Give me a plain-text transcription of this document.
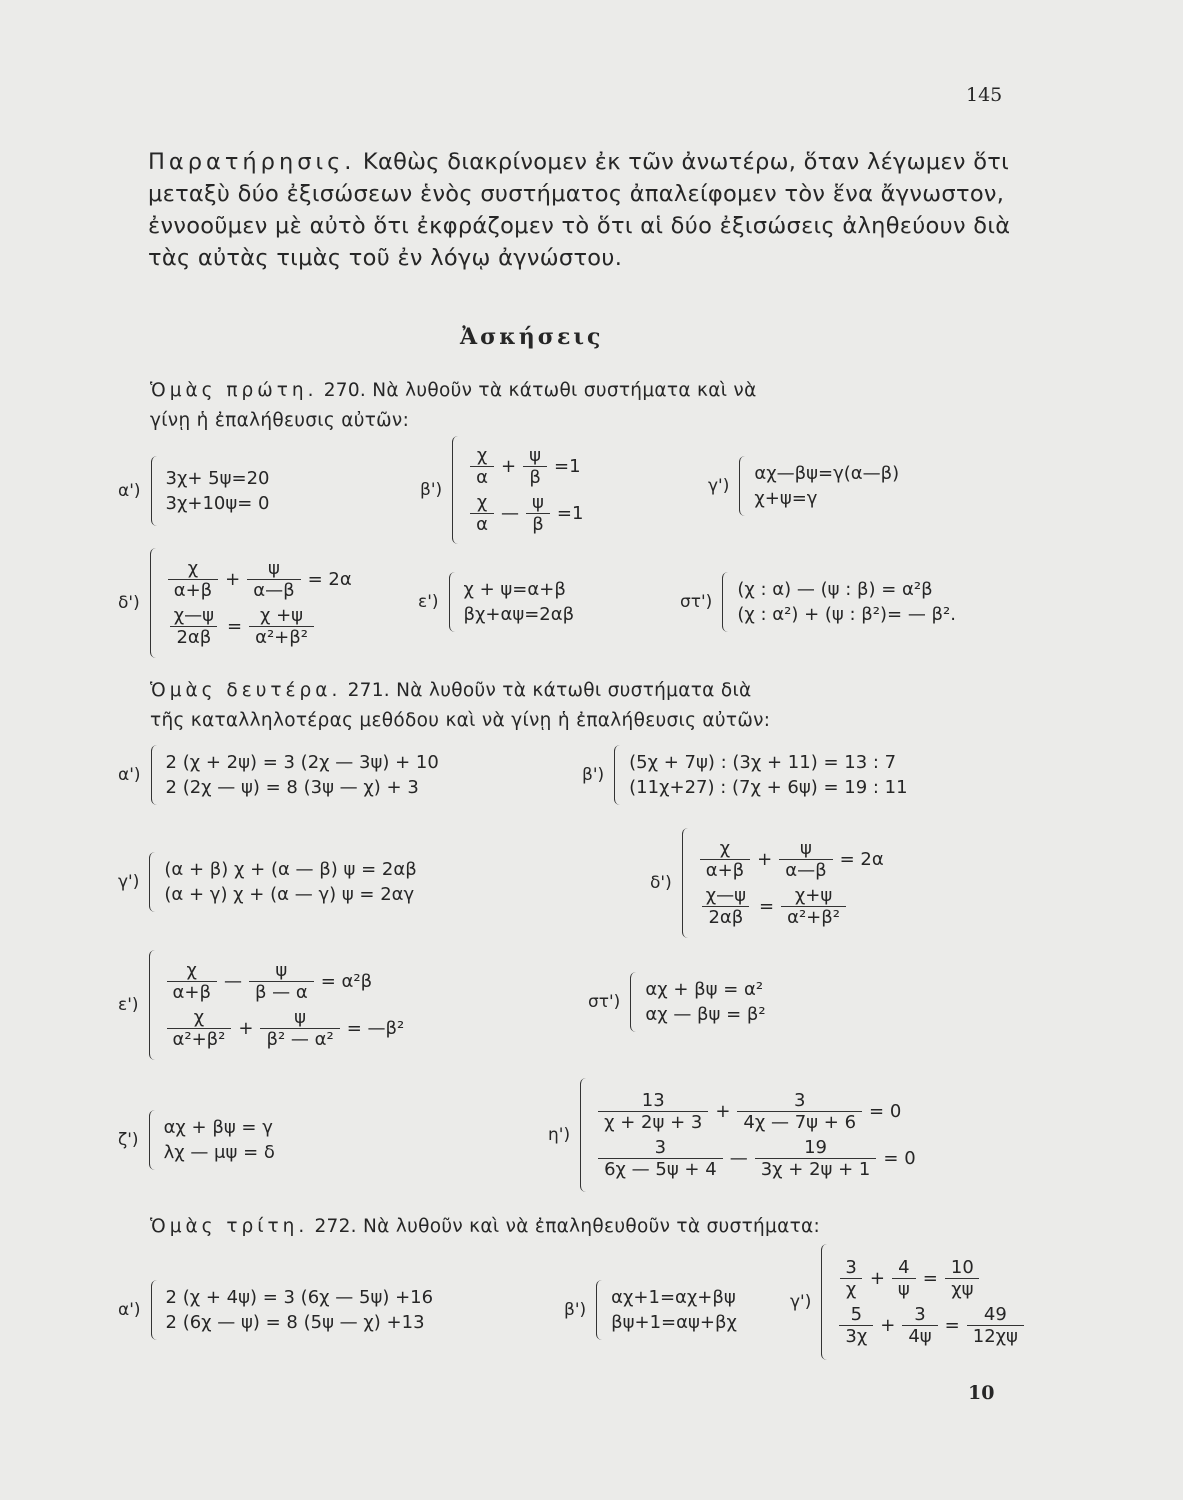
145
Παρατήρησις. Καθὼς διακρίνομεν ἐκ τῶν ἀνωτέρω, ὅταν λέγωμεν ὅτι μεταξὺ δύο ἐξισώσεων ἑνὸς συστήματος ἀπαλείφομεν τὸν ἕνα ἄγνωστον, ἐννοοῦμεν μὲ αὐτὸ ὅτι ἐκφράζομεν τὸ ὅτι αἱ δύο ἐξισώσεις ἀληθεύουν διὰ τὰς αὐτὰς τιμὰς τοῦ ἐν λόγῳ ἀγνώστου.
Ἀσκήσεις
Ὁμὰς πρώτη. 270. Νὰ λυθοῦν τὰ κάτωθι συστήματα καὶ νὰ
γίνῃ ἡ ἐπαλήθευσις αὐτῶν:
α')
3χ+ 5ψ=20
3χ+10ψ= 0
β')
$\frac{\chi}{\alpha} + \frac{\psi}{\beta} =1$
$\frac{\chi}{\alpha}$ — $\frac{\psi}{\beta} =1$
γ')
αχ—βψ=γ(α—β)
χ+ψ=γ
δ')
$\frac{\chi}{\alpha+\beta} + \frac{\psi}{\alpha—\beta} = 2\alpha$
$\frac{\chi—\psi}{2\alpha\beta} = \frac{\chi +\psi}{\text{α²+β²}}$
ε')
χ + ψ=α+β
βχ+αψ=2αβ
στ')
(χ : α) — (ψ : β) = α²β
(χ : α²) + (ψ : β²)= — β².
Ὁμὰς δευτέρα. 271. Νὰ λυθοῦν τὰ κάτωθι συστήματα διὰ
τῆς καταλληλοτέρας μεθόδου καὶ νὰ γίνῃ ἡ ἐπαλήθευσις αὐτῶν:
α')
2 (χ + 2ψ) = 3 (2χ — 3ψ) + 10
2 (2χ — ψ) = 8 (3ψ — χ) + 3
β')
(5χ + 7ψ) : (3χ + 11) = 13 : 7
(11χ+27) : (7χ + 6ψ) = 19 : 11
γ')
(α + β) χ + (α — β) ψ = 2αβ
(α + γ) χ + (α — γ) ψ = 2αγ
δ')
$\frac{\chi}{\alpha+\beta} + \frac{\psi}{\alpha—\beta} = 2\alpha$
$\frac{\chi—\psi}{2\alpha\beta} = \frac{\chi+\psi}{\text{α²+β²}}$
ε')
$\frac{\chi}{\alpha+\beta}$ — $\frac{\psi}{\beta — \alpha} = \alpha^2\beta$
$\frac{\chi}{\text{α²+β²}} + \frac{\psi}{\text{β² — α²}}$ = —β²
στ')
αχ + βψ = α²
αχ — βψ = β²
ζ')
αχ + βψ = γ
λχ — μψ = δ
η')
$\frac{13}{\chi + 2\psi + 3} + \frac{3}{4\chi — 7\psi + 6} = 0$
$\frac{3}{6\chi — 5\psi + 4}$ — $\frac{19}{3\chi + 2\psi + 1} = 0$
Ὁμὰς τρίτη. 272. Νὰ λυθοῦν καὶ νὰ ἐπαληθευθοῦν τὰ συστήματα:
α')
2 (χ + 4ψ) = 3 (6χ — 5ψ) +16
2 (6χ — ψ) = 8 (5ψ — χ) +13
β')
αχ+1=αχ+βψ
βψ+1=αψ+βχ
γ')
$\frac{3}{\chi} + \frac{4}{\psi} = \frac{10}{\chi\psi}$
$\frac{5}{3\chi} + \frac{3}{4\psi} = \frac{49}{12\chi\psi}$
10
